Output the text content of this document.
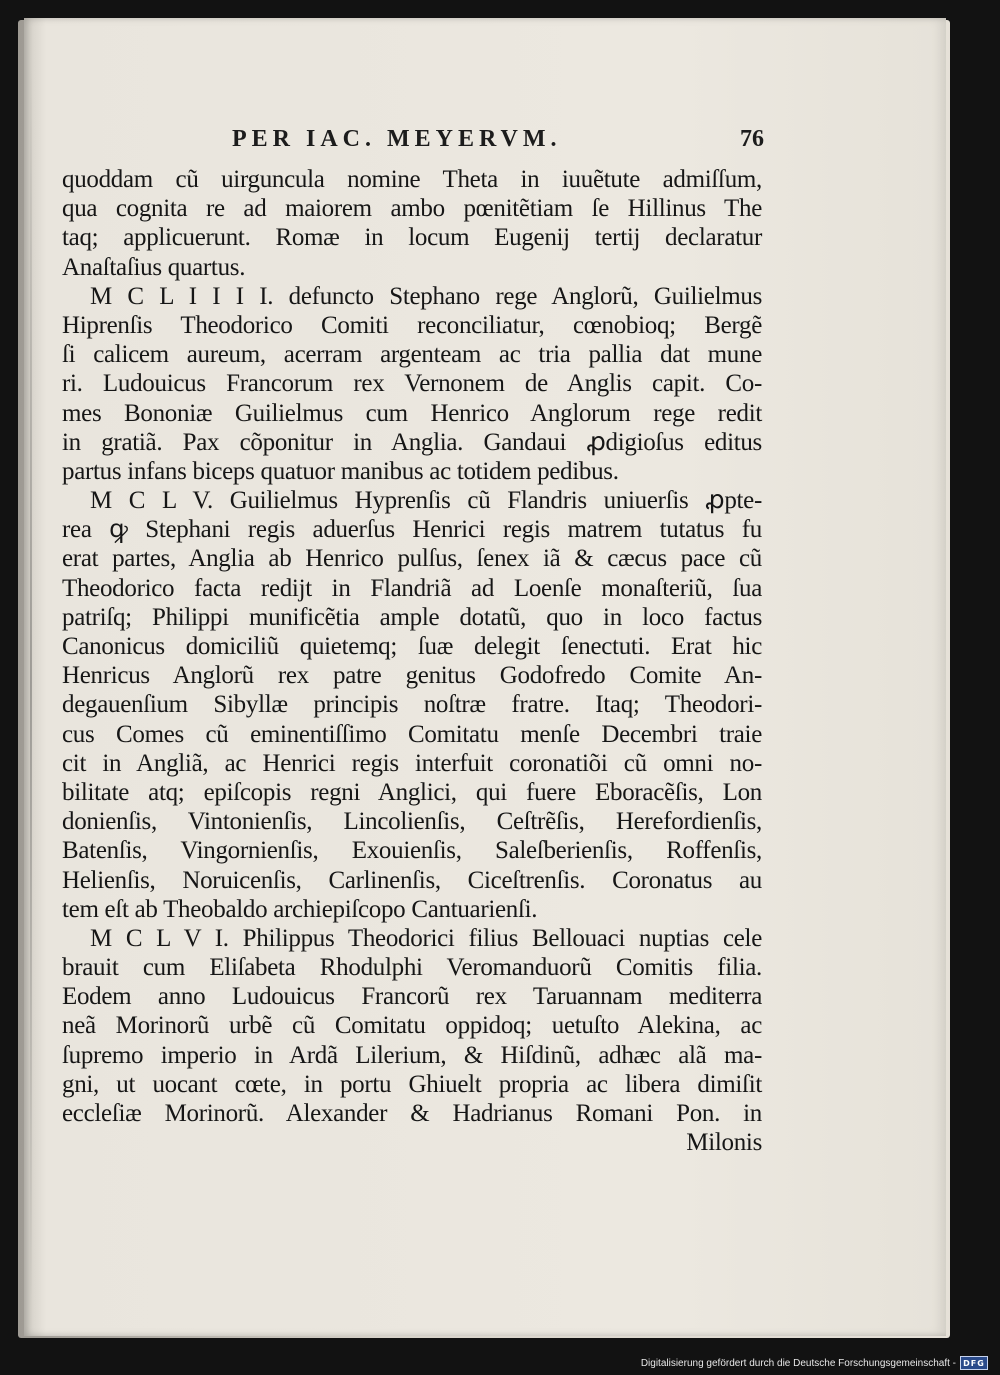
PER IAC. MEYERVM.	76
quoddam cũ uirguncula nomine Theta in iuuẽtute admiſſum,
qua cognita re ad maiorem ambo pœnitẽtiam ſe Hillinus The
taq; applicuerunt. Romæ in locum Eugenij tertij declaratur
Anaſtaſius quartus.
M C L I I I I. defuncto Stephano rege Anglorũ, Guilielmus
Hiprenſis Theodorico Comiti reconciliatur, cœnobioq; Bergẽ
ſi calicem aureum, acerram argenteam ac tria pallia dat mune
ri. Ludouicus Francorum rex Vernonem de Anglis capit. Co-
mes Bononiæ Guilielmus cum Henrico Anglorum rege redit
in gratiã. Pax cõponitur in Anglia. Gandaui ꝓdigioſus editus
partus infans biceps quatuor manibus ac totidem pedibus.
M C L V. Guilielmus Hyprenſis cũ Flandris uniuerſis ꝓpte-
rea ꝙ Stephani regis aduerſus Henrici regis matrem tutatus fu
erat partes, Anglia ab Henrico pulſus, ſenex iã & cæcus pace cũ
Theodorico facta redijt in Flandriã ad Loenſe monaſteriũ, ſua
patriſq; Philippi munificẽtia ample dotatũ, quo in loco factus
Canonicus domiciliũ quietemq; ſuæ delegit ſenectuti. Erat hic
Henricus Anglorũ rex patre genitus Godofredo Comite An-
degauenſium Sibyllæ principis noſtræ fratre. Itaq; Theodori-
cus Comes cũ eminentiſſimo Comitatu menſe Decembri traie
cit in Angliã, ac Henrici regis interfuit coronatiõi cũ omni no-
bilitate atq; epiſcopis regni Anglici, qui fuere Eboracẽſis, Lon
donienſis, Vintonienſis, Lincolienſis, Ceſtrẽſis, Herefordienſis,
Batenſis, Vingornienſis, Exouienſis, Saleſberienſis, Roffenſis,
Helienſis, Noruicenſis, Carlinenſis, Ciceſtrenſis. Coronatus au
tem eſt ab Theobaldo archiepiſcopo Cantuarienſi.
M C L V I. Philippus Theodorici filius Bellouaci nuptias cele
brauit cum Eliſabeta Rhodulphi Veromanduorũ Comitis filia.
Eodem anno Ludouicus Francorũ rex Taruannam mediterra
neã Morinorũ urbẽ cũ Comitatu oppidoq; uetuſto Alekina, ac
ſupremo imperio in Ardã Lilerium, & Hiſdinũ, adhæc alã ma-
gni, ut uocant cœte, in portu Ghiuelt propria ac libera dimiſit
eccleſiæ Morinorũ. Alexander & Hadrianus Romani Pon. in
Milonis
Digitalisierung gefördert durch die Deutsche Forschungsgemeinschaft - DFG
